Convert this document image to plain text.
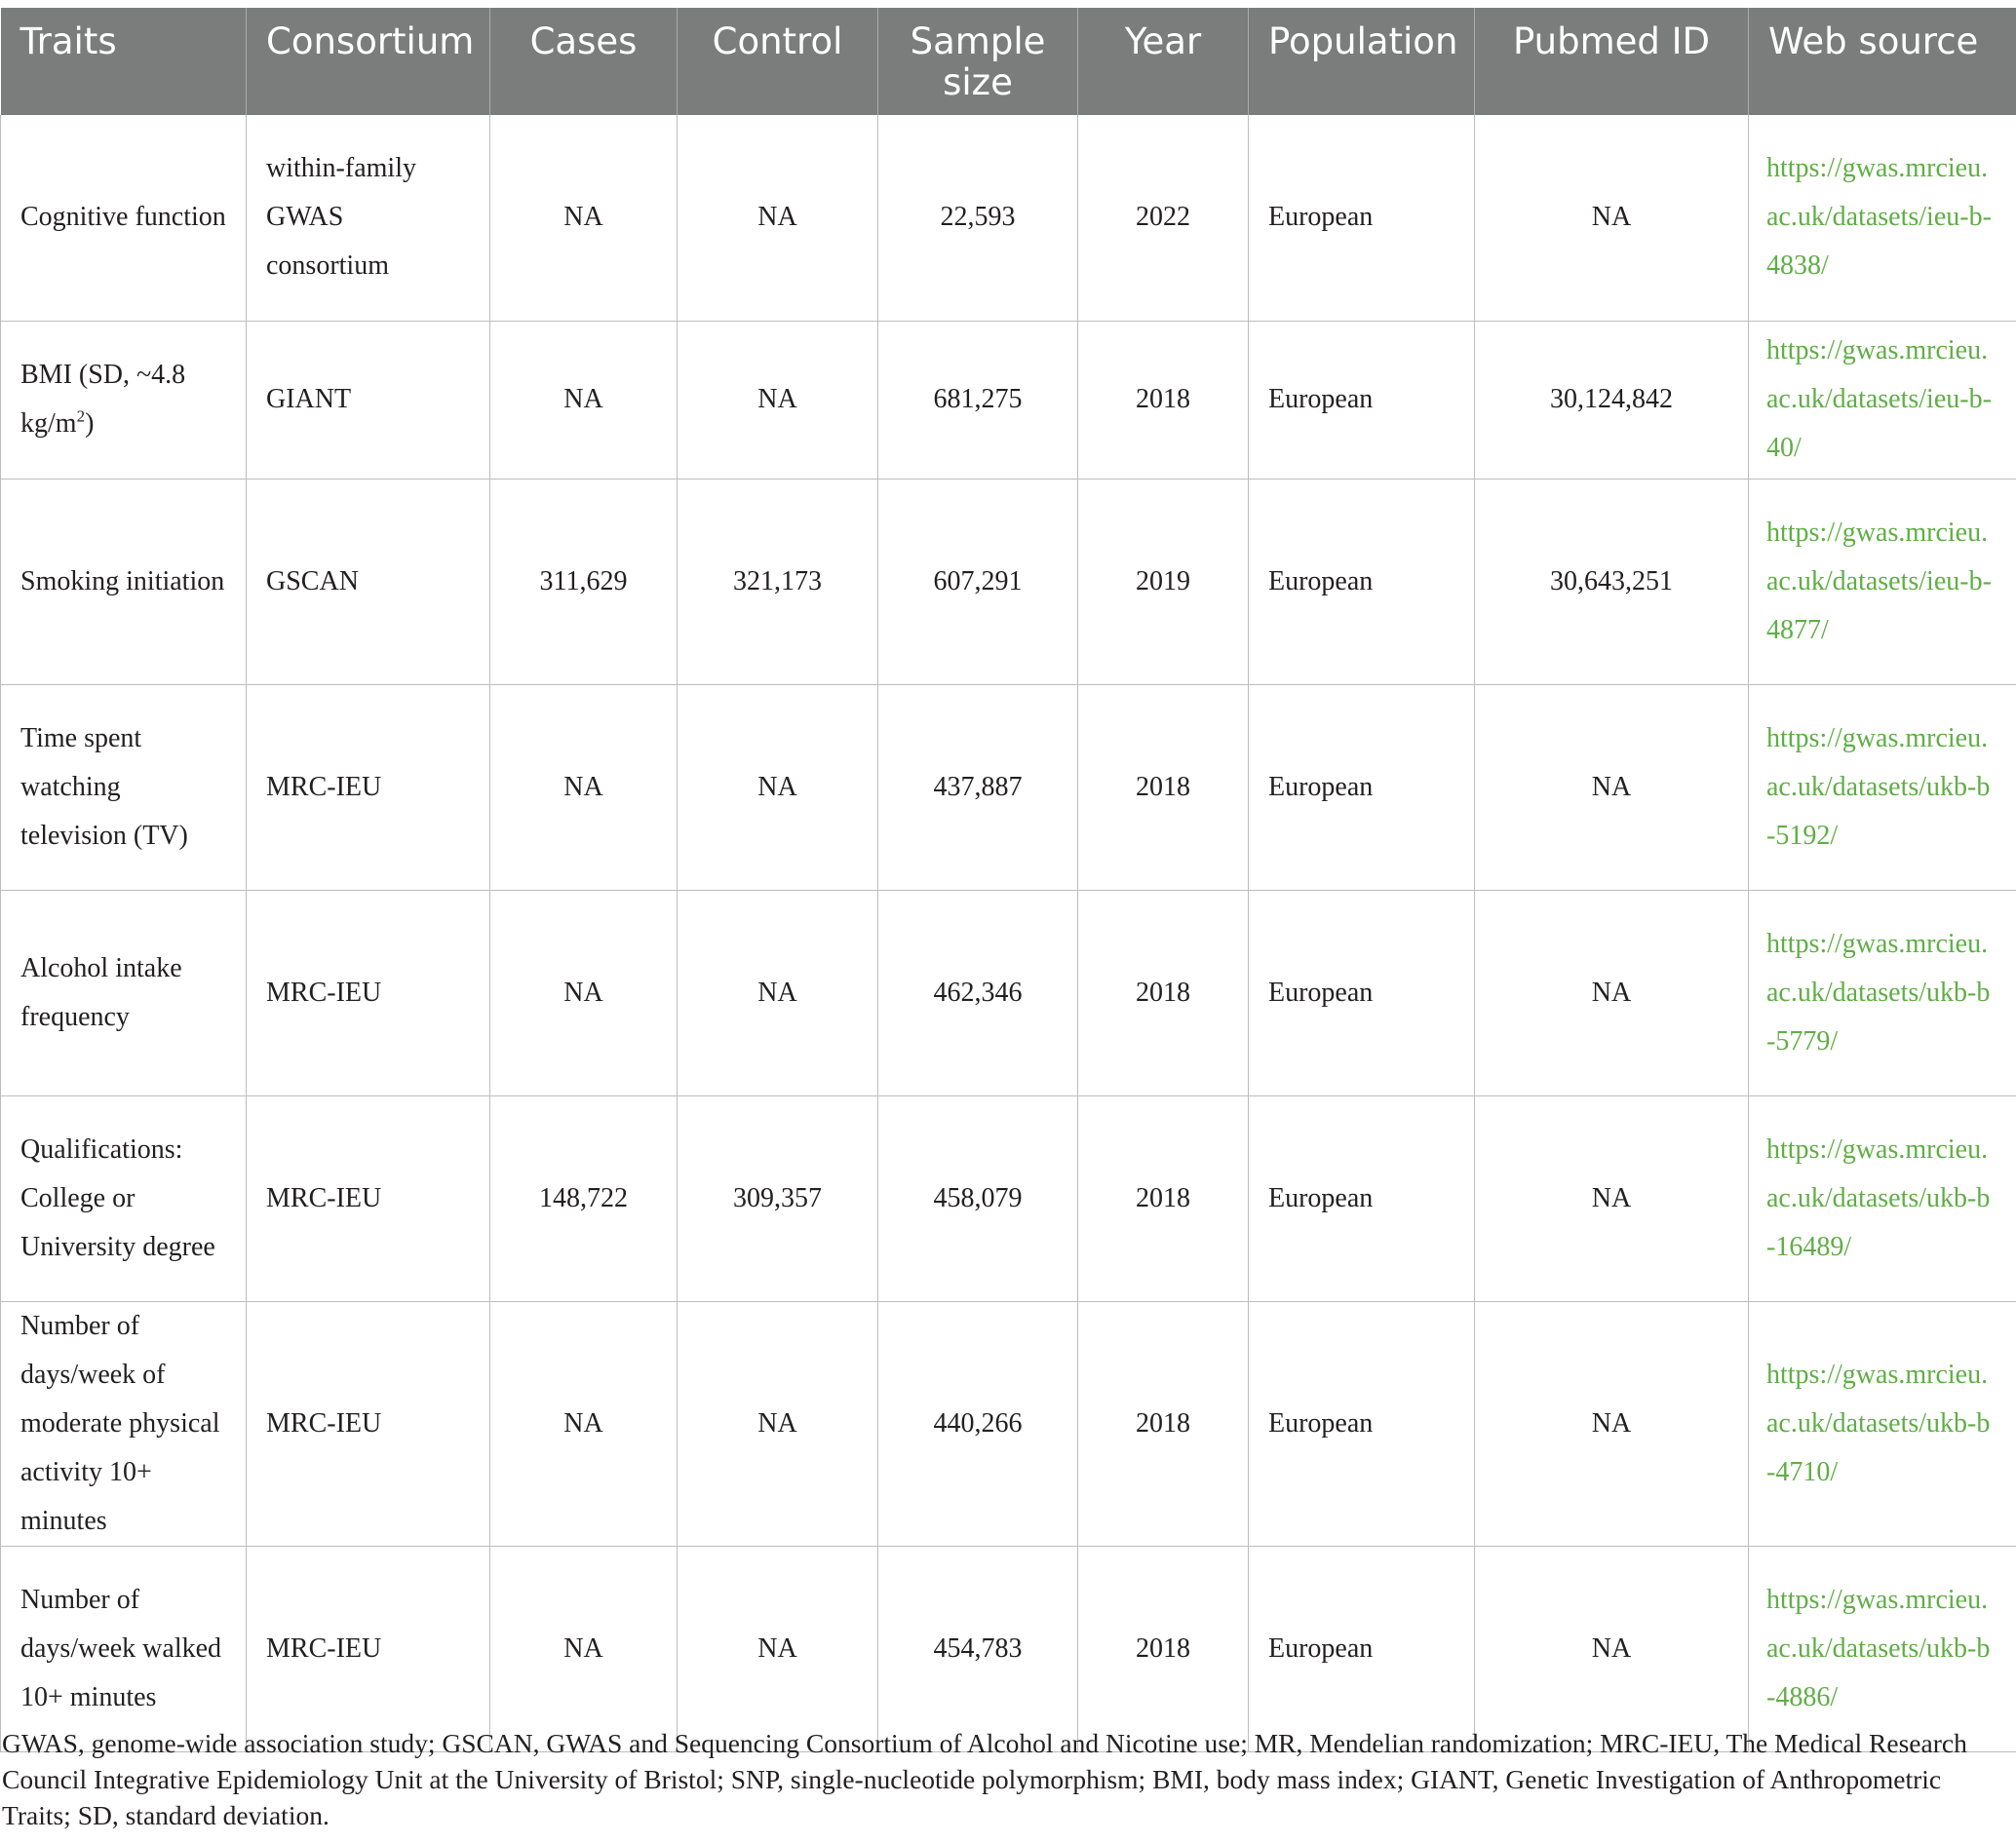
Traits	Consortium	Cases	Control	Sample size	Year	Population	Pubmed ID	Web source
Cognitive function	within-family GWAS consortium	NA	NA	22,593	2022	European	NA	https://gwas.mrcieu.ac.uk/datasets/ieu-b-4838/
BMI (SD, ~4.8 $kg/m^2$)	GIANT	NA	NA	681,275	2018	European	30,124,842	https://gwas.mrcieu.ac.uk/datasets/ieu-b-40/
Smoking initiation	GSCAN	311,629	321,173	607,291	2019	European	30,643,251	https://gwas.mrcieu.ac.uk/datasets/ieu-b-4877/
Time spent watching television (TV)	MRC-IEU	NA	NA	437,887	2018	European	NA	https://gwas.mrcieu.ac.uk/datasets/ukb-b-5192/
Alcohol intake frequency	MRC-IEU	NA	NA	462,346	2018	European	NA	https://gwas.mrcieu.ac.uk/datasets/ukb-b-5779/
Qualifications: College or University degree	MRC-IEU	148,722	309,357	458,079	2018	European	NA	https://gwas.mrcieu.ac.uk/datasets/ukb-b-16489/
Number of days/week of moderate physical activity 10+ minutes	MRC-IEU	NA	NA	440,266	2018	European	NA	https://gwas.mrcieu.ac.uk/datasets/ukb-b-4710/
Number of days/week walked 10+ minutes	MRC-IEU	NA	NA	454,783	2018	European	NA	https://gwas.mrcieu.ac.uk/datasets/ukb-b-4886/

GWAS, genome-wide association study; GSCAN, GWAS and Sequencing Consortium of Alcohol and Nicotine use; MR, Mendelian randomization; MRC-IEU, The Medical Research Council Integrative Epidemiology Unit at the University of Bristol; SNP, single-nucleotide polymorphism; BMI, body mass index; GIANT, Genetic Investigation of Anthropometric Traits; SD, standard deviation.
